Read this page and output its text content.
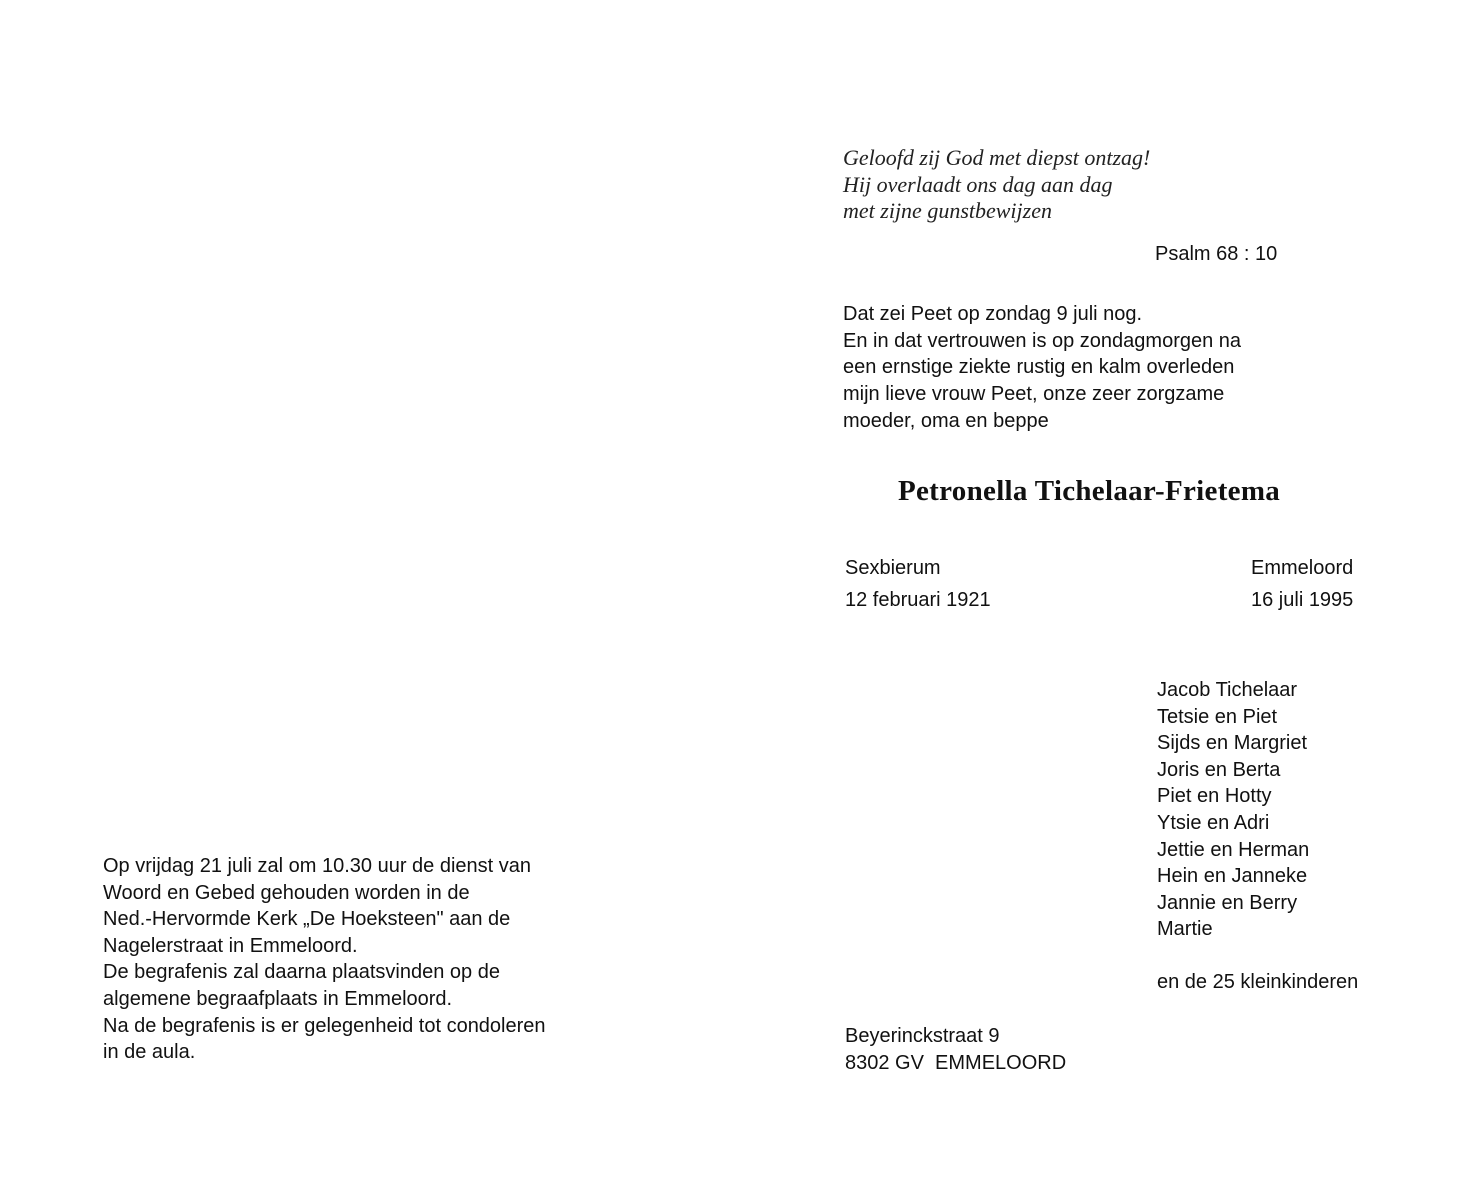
Geloofd zij God met diepst ontzag!
Hij overlaadt ons dag aan dag
met zijne gunstbewijzen
Psalm 68 : 10
Dat zei Peet op zondag 9 juli nog.
En in dat vertrouwen is op zondagmorgen na
een ernstige ziekte rustig en kalm overleden
mijn lieve vrouw Peet, onze zeer zorgzame
moeder, oma en beppe
Petronella Tichelaar-Frietema
Sexbierum
12 februari 1921
Emmeloord
16 juli 1995
Jacob Tichelaar
Tetsie en Piet
Sijds en Margriet
Joris en Berta
Piet en Hotty
Ytsie en Adri
Jettie en Herman
Hein en Janneke
Jannie en Berry
Martie
en de 25 kleinkinderen
Beyerinckstraat 9
8302 GV  EMMELOORD
Op vrijdag 21 juli zal om 10.30 uur de dienst van
Woord en Gebed gehouden worden in de
Ned.-Hervormde Kerk „De Hoeksteen" aan de
Nagelerstraat in Emmeloord.
De begrafenis zal daarna plaatsvinden op de
algemene begraafplaats in Emmeloord.
Na de begrafenis is er gelegenheid tot condoleren
in de aula.
